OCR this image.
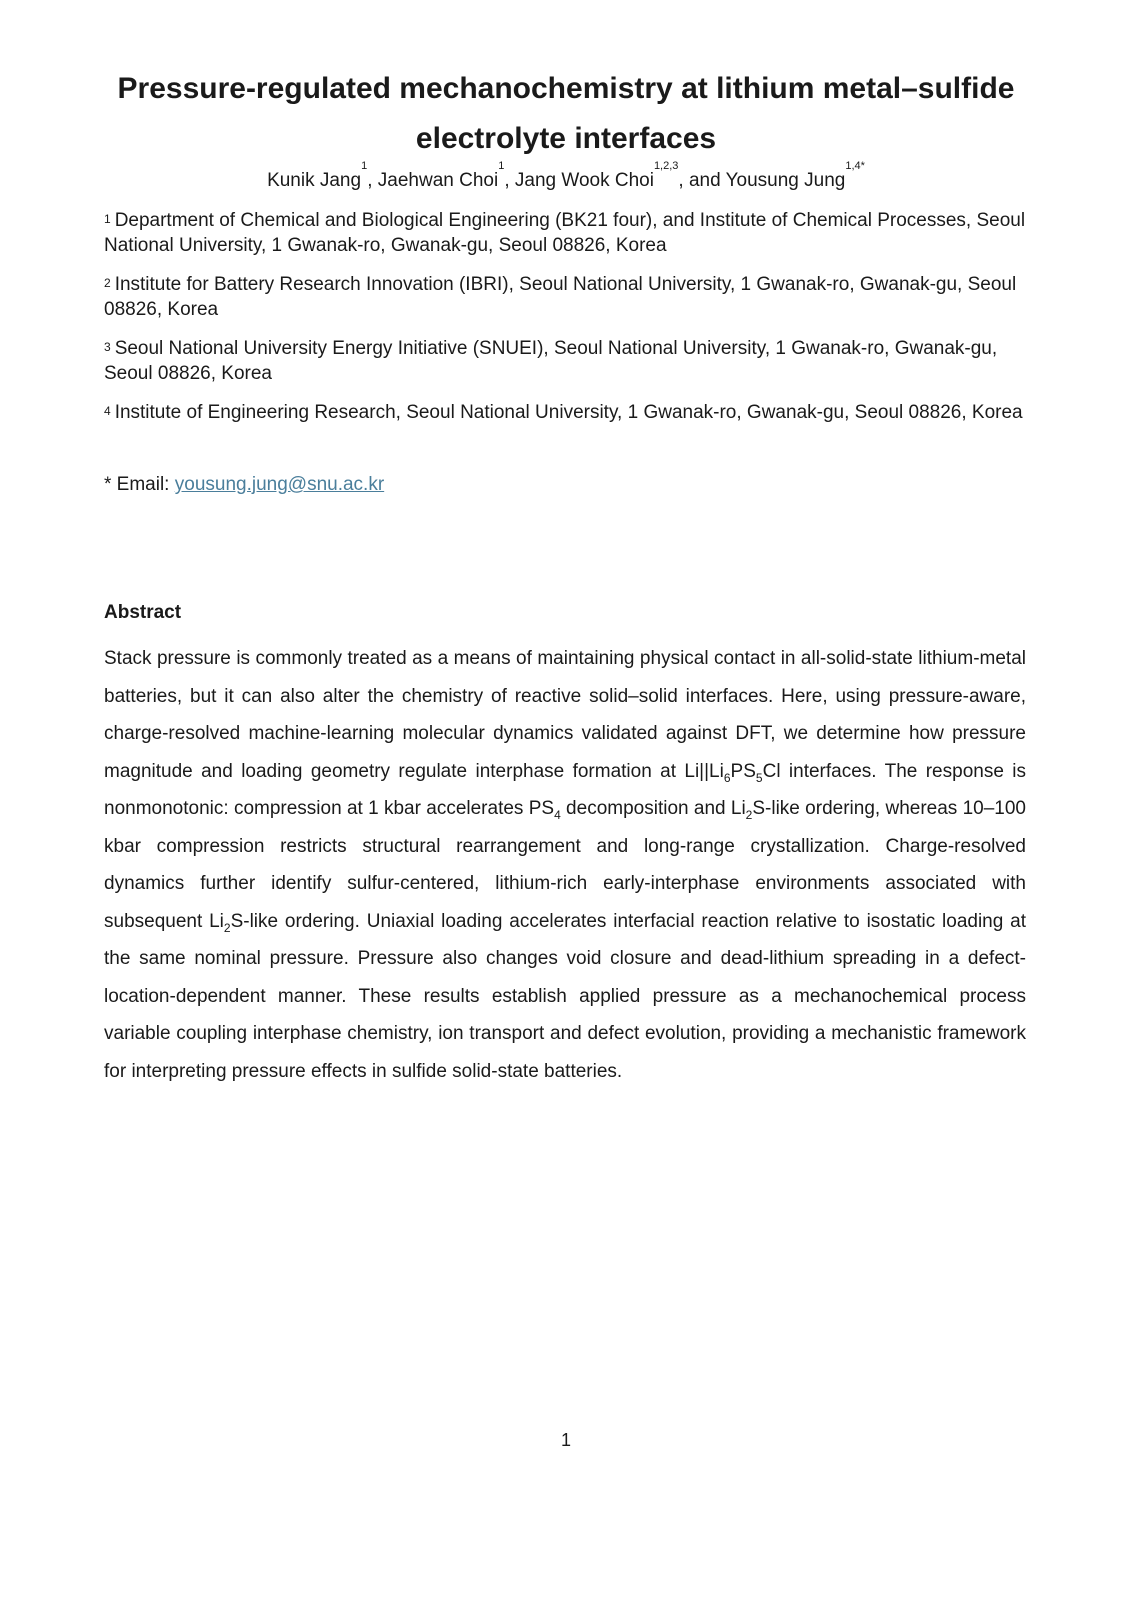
Pressure-regulated mechanochemistry at lithium metal–sulfide electrolyte interfaces
Kunik Jang$^1$, Jaehwan Choi$^1$, Jang Wook Choi$^{1,2,3}$, and Yousung Jung$^{1,4*}$

$^1$ Department of Chemical and Biological Engineering (BK21 four), and Institute of Chemical Processes, Seoul National University, 1 Gwanak-ro, Gwanak-gu, Seoul 08826, Korea

$^2$ Institute for Battery Research Innovation (IBRI), Seoul National University, 1 Gwanak-ro, Gwanak-gu, Seoul 08826, Korea

$^3$ Seoul National University Energy Initiative (SNUEI), Seoul National University, 1 Gwanak-ro, Gwanak-gu, Seoul 08826, Korea

$^4$ Institute of Engineering Research, Seoul National University, 1 Gwanak-ro, Gwanak-gu, Seoul 08826, Korea

* Email: yousung.jung@snu.ac.kr
Abstract

Stack pressure is commonly treated as a means of maintaining physical contact in all-solid-state lithium-metal batteries, but it can also alter the chemistry of reactive solid–solid interfaces. Here, using pressure-aware, charge-resolved machine-learning molecular dynamics validated against DFT, we determine how pressure magnitude and loading geometry regulate interphase formation at $Li||Li_6PS_5Cl$ interfaces. The response is nonmonotonic: compression at 1 kbar accelerates $PS_4$ decomposition and $Li_2S$-like ordering, whereas 10–100 kbar compression restricts structural rearrangement and long-range crystallization. Charge-resolved dynamics further identify sulfur-centered, lithium-rich early-interphase environments associated with subsequent $Li_2S$-like ordering. Uniaxial loading accelerates interfacial reaction relative to isostatic loading at the same nominal pressure. Pressure also changes void closure and dead-lithium spreading in a defect-location-dependent manner. These results establish applied pressure as a mechanochemical process variable coupling interphase chemistry, ion transport and defect evolution, providing a mechanistic framework for interpreting pressure effects in sulfide solid-state batteries.

1
